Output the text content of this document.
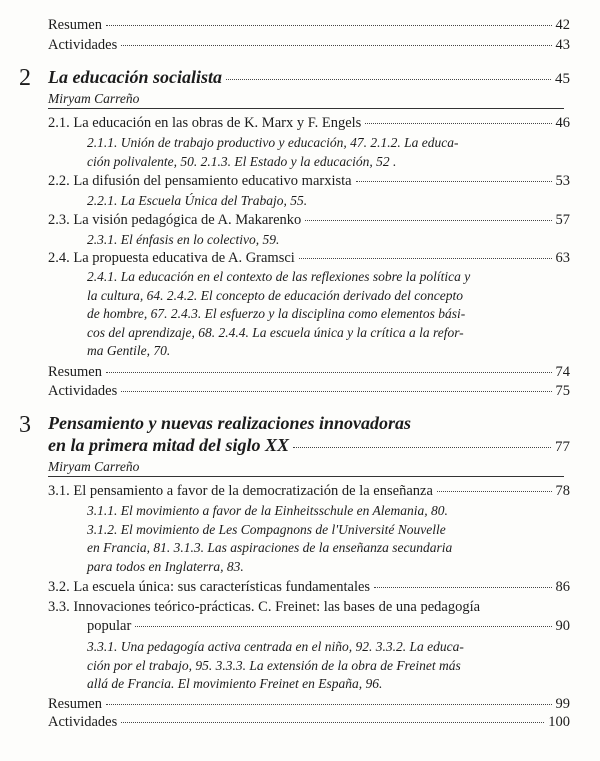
Resumen	42
Actividades	43
2 La educación socialista	45
Miryam Carreño
2.1. La educación en las obras de K. Marx y F. Engels	46
2.1.1. Unión de trabajo productivo y educación, 47. 2.1.2. La educa-
ción polivalente, 50. 2.1.3. El Estado y la educación, 52 .
2.2. La difusión del pensamiento educativo marxista	53
2.2.1. La Escuela Única del Trabajo, 55.
2.3. La visión pedagógica de A. Makarenko	57
2.3.1. El énfasis en lo colectivo, 59.
2.4. La propuesta educativa de A. Gramsci	63
2.4.1. La educación en el contexto de las reflexiones sobre la política y
la cultura, 64. 2.4.2. El concepto de educación derivado del concepto
de hombre, 67. 2.4.3. El esfuerzo y la disciplina como elementos bási-
cos del aprendizaje, 68. 2.4.4. La escuela única y la crítica a la refor-
ma Gentile, 70.
Resumen	74
Actividades	75
3 Pensamiento y nuevas realizaciones innovadoras
en la primera mitad del siglo XX	77
Miryam Carreño
3.1. El pensamiento a favor de la democratización de la enseñanza	78
3.1.1. El movimiento a favor de la Einheitsschule en Alemania, 80.
3.1.2. El movimiento de Les Compagnons de l'Université Nouvelle
en Francia, 81. 3.1.3. Las aspiraciones de la enseñanza secundaria
para todos en Inglaterra, 83.
3.2. La escuela única: sus características fundamentales	86
3.3. Innovaciones teórico-prácticas. C. Freinet: las bases de una pedagogía
popular	90
3.3.1. Una pedagogía activa centrada en el niño, 92. 3.3.2. La educa-
ción por el trabajo, 95. 3.3.3. La extensión de la obra de Freinet más
allá de Francia. El movimiento Freinet en España, 96.
Resumen	99
Actividades	100
